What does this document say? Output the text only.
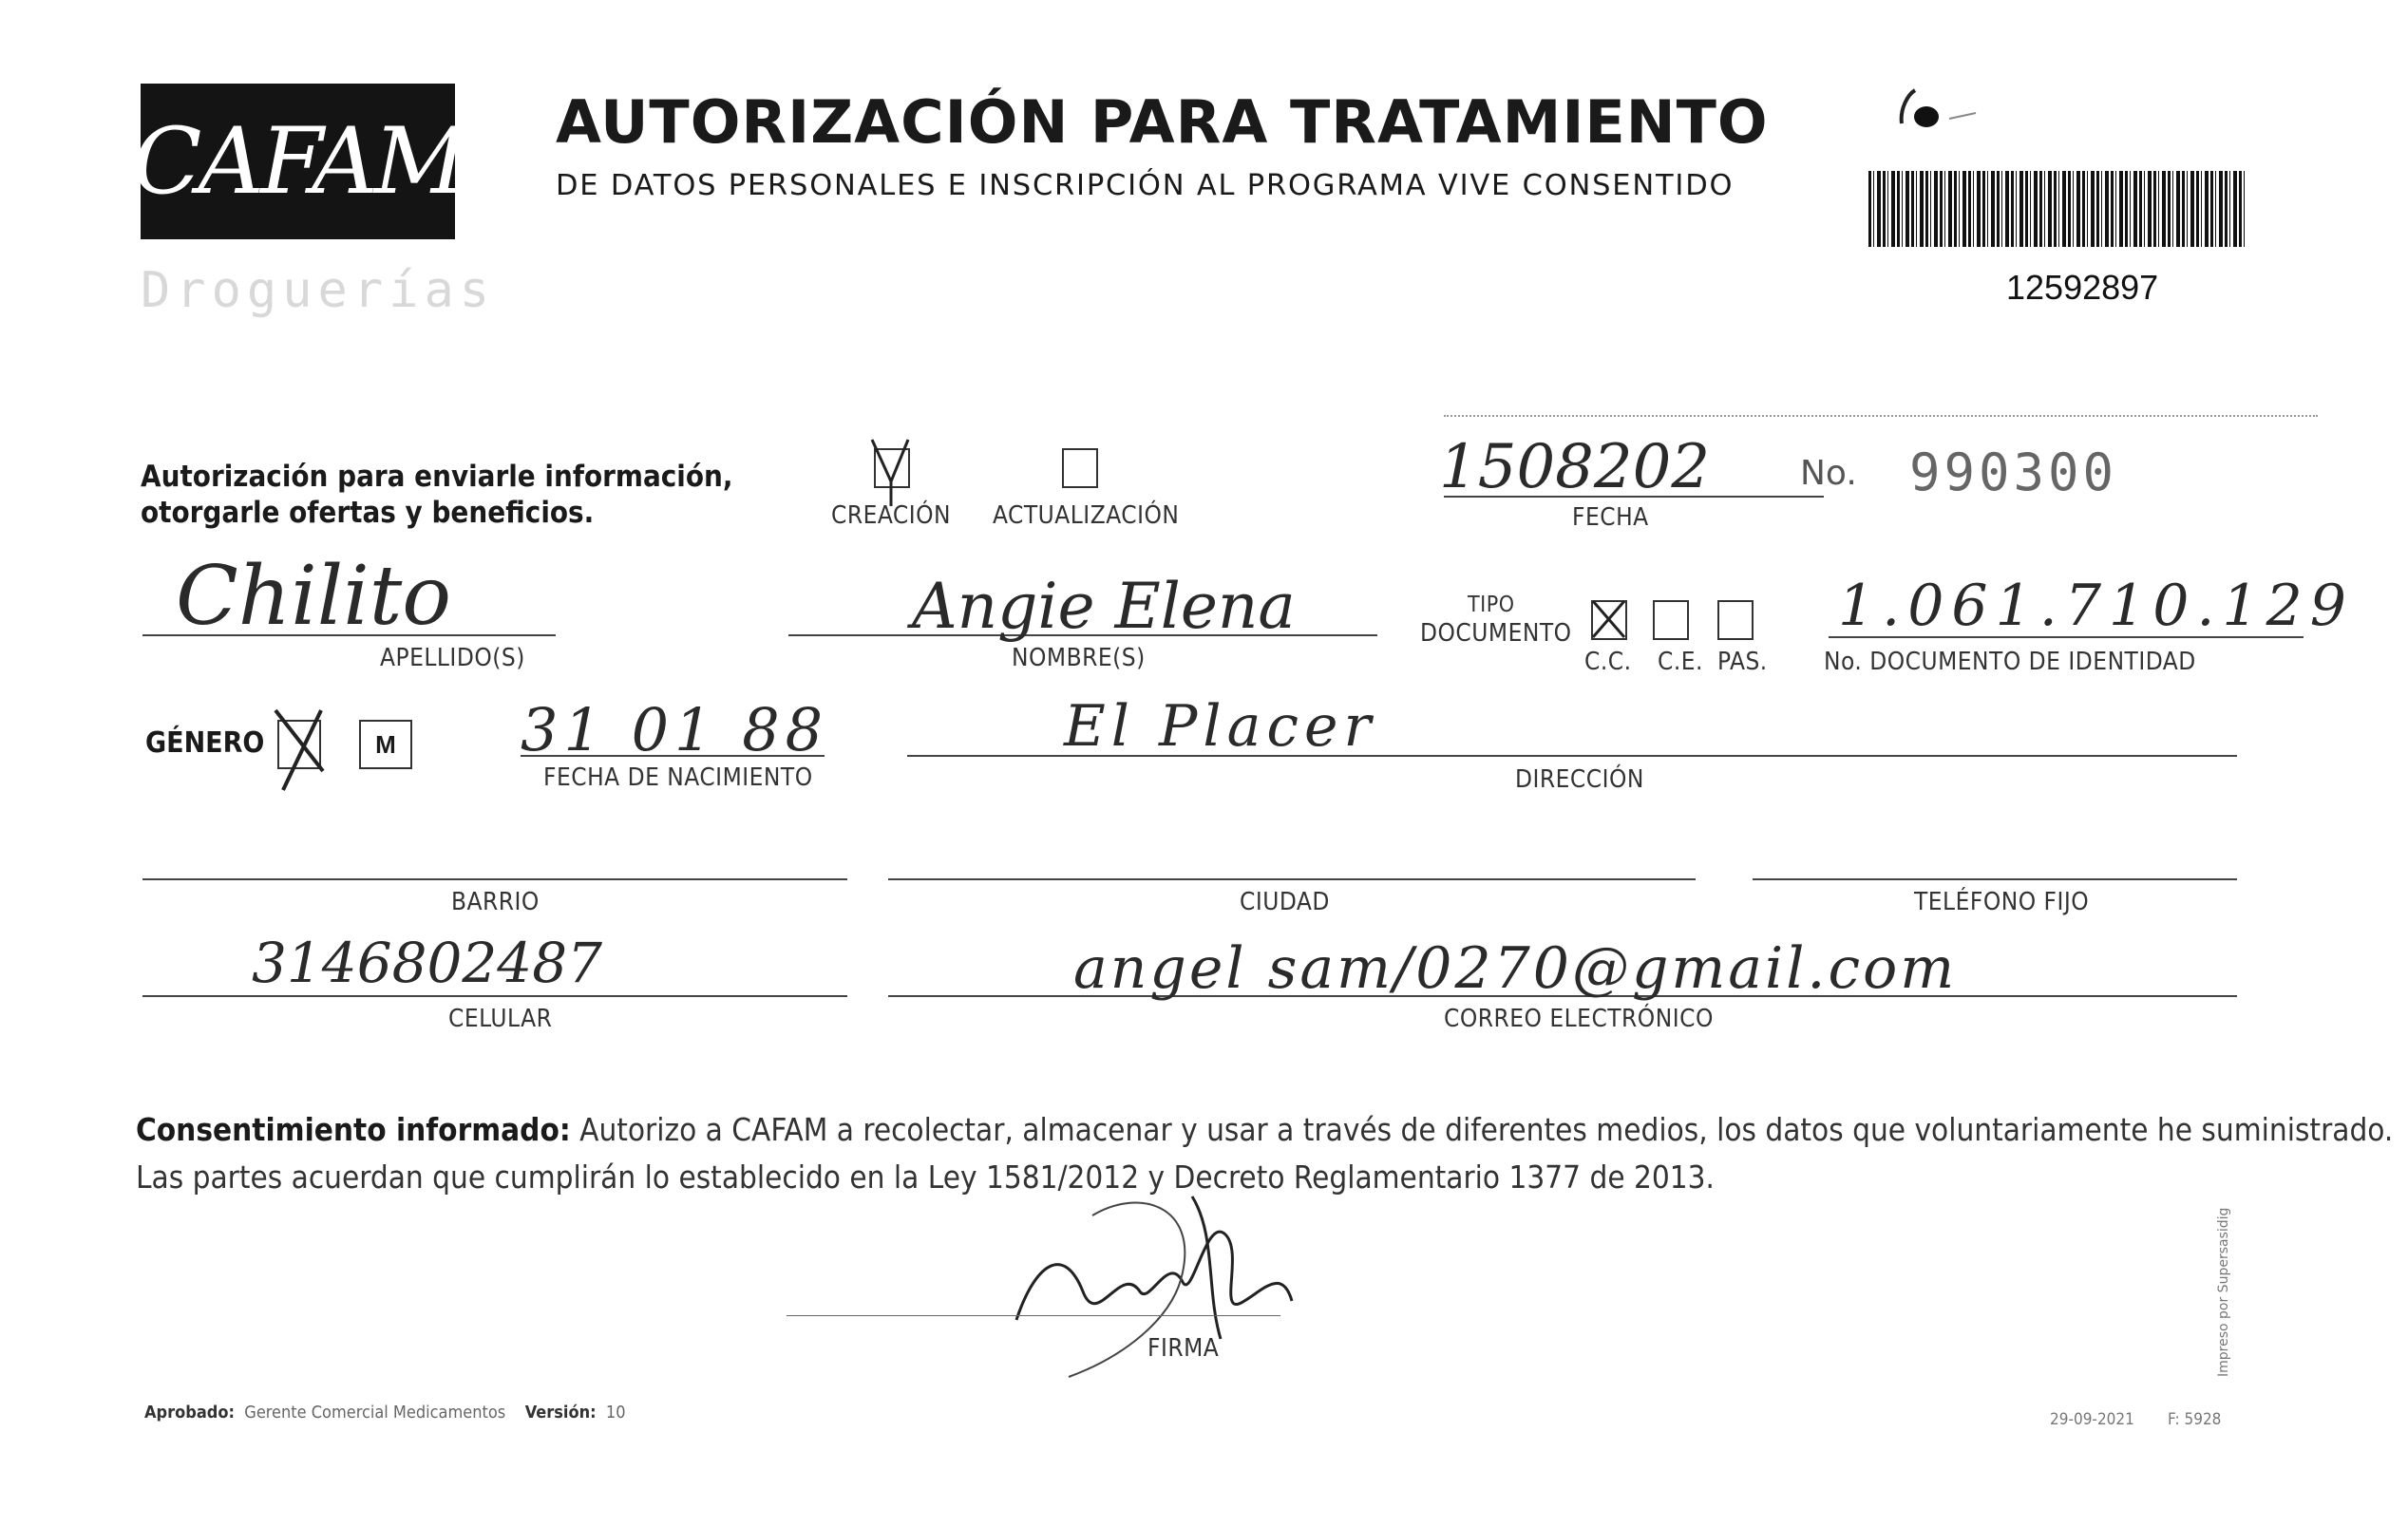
CAFAM
Droguerías
AUTORIZACIÓN PARA TRATAMIENTO
DE DATOS PERSONALES E INSCRIPCIÓN AL PROGRAMA VIVE CONSENTIDO
12592897
Autorización para enviarle información,
otorgarle ofertas y beneficios.	CREACIÓN ACTUALIZACIÓN
1508202
FECHA
No. 990300
Chilito
APELLIDO(S)
Angie Elena
NOMBRE(S)
TIPO
DOCUMENTO
C.C. C.E. PAS.
1.061.710.129
No. DOCUMENTO DE IDENTIDAD
GÉNERO	M 31 01 88
FECHA DE NACIMIENTO
El Placer
DIRECCIÓN
BARRIO	CIUDAD	TELÉFONO FIJO
3146802487
CELULAR
angel sam/0270@gmail.com
CORREO ELECTRÓNICO
Consentimiento informado: Autorizo a CAFAM a recolectar, almacenar y usar a través de diferentes medios, los datos que voluntariamente he suministrado.
Las partes acuerdan que cumplirán lo establecido en la Ley 1581/2012 y Decreto Reglamentario 1377 de 2013.
FIRMA
Aprobado: Gerente Comercial Medicamentos Versión: 10	29-09-2021 F: 5928
Impreso por Supersasidig
